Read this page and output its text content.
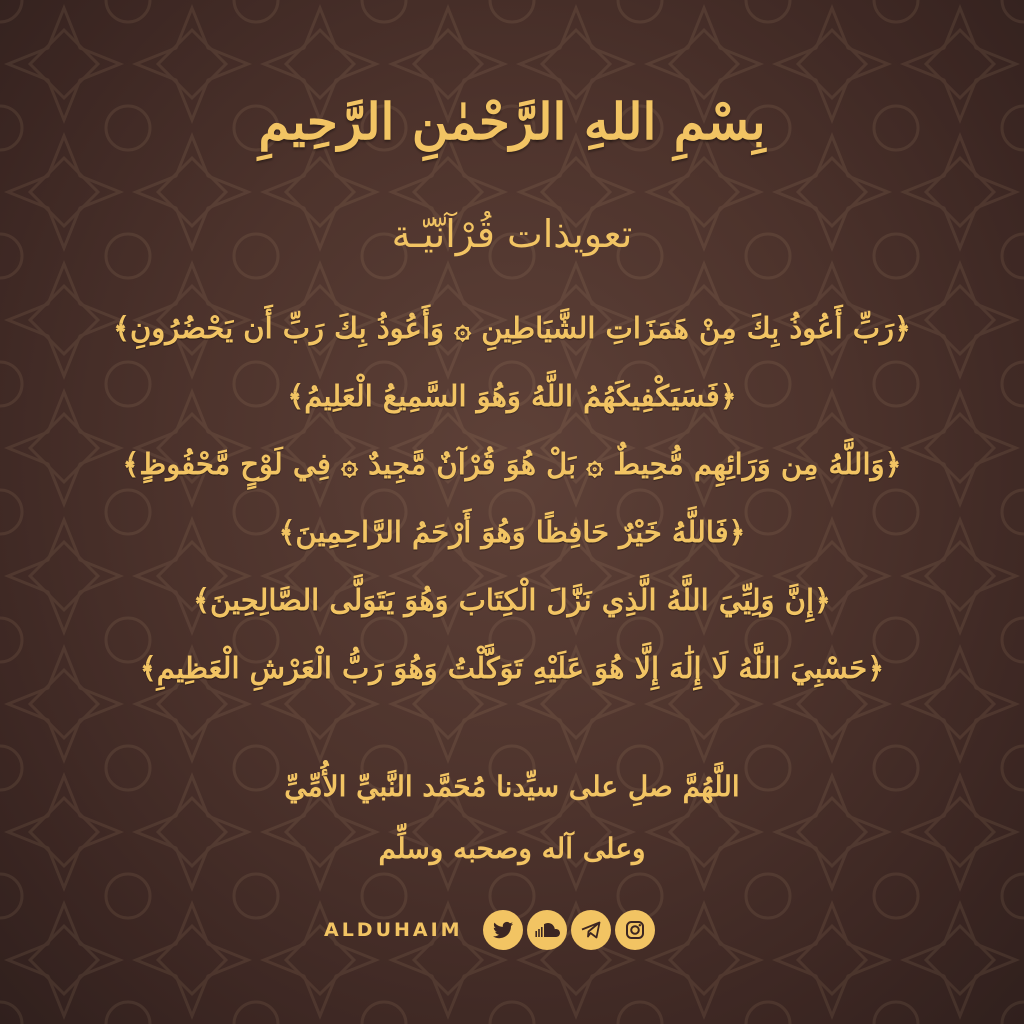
بِسْمِ اللهِ الرَّحْمٰنِ الرَّحِيمِ
تعويذات قُرْآنّيّـة
﴿رَبِّ أَعُوذُ بِكَ مِنْ هَمَزَاتِ الشَّيَاطِينِ ۞ وَأَعُوذُ بِكَ رَبِّ أَن يَحْضُرُونِ﴾
﴿فَسَيَكْفِيكَهُمُ اللَّهُ وَهُوَ السَّمِيعُ الْعَلِيمُ﴾
﴿وَاللَّهُ مِن وَرَائِهِم مُّحِيطٌ ۞ بَلْ هُوَ قُرْآنٌ مَّجِيدٌ ۞ فِي لَوْحٍ مَّحْفُوظٍ﴾
﴿فَاللَّهُ خَيْرٌ حَافِظًا وَهُوَ أَرْحَمُ الرَّاحِمِينَ﴾
﴿إِنَّ وَلِيِّيَ اللَّهُ الَّذِي نَزَّلَ الْكِتَابَ وَهُوَ يَتَوَلَّى الصَّالِحِينَ﴾
﴿حَسْبِيَ اللَّهُ لَا إِلَٰهَ إِلَّا هُوَ عَلَيْهِ تَوَكَّلْتُ وَهُوَ رَبُّ الْعَرْشِ الْعَظِيمِ﴾
اللَّهُمَّ صلِ على سيِّدنا مُحَمَّد النَّبيِّ الأُمِّيِّ
وعلى آله وصحبه وسلِّم
ALDUHAIM
